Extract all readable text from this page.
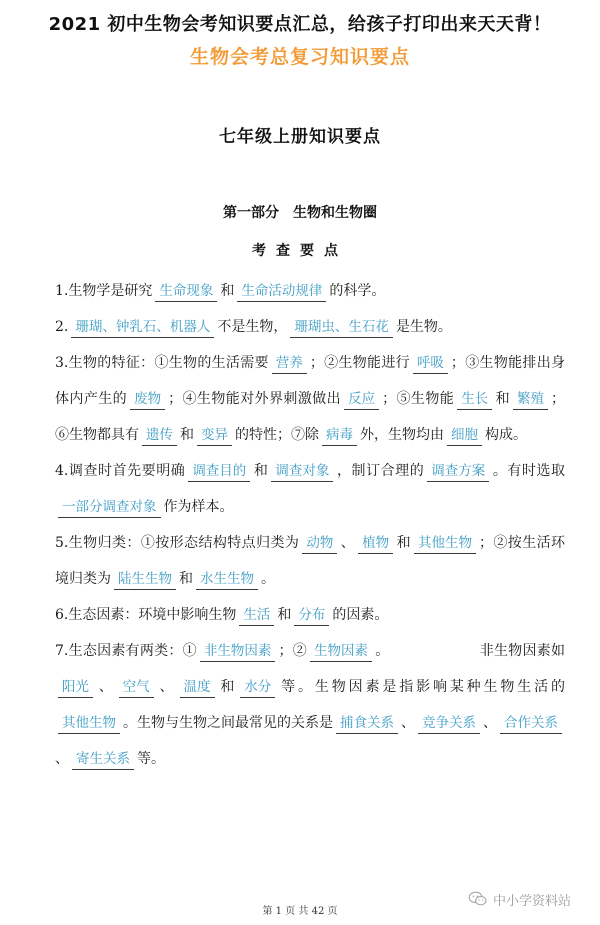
2021 初中生物会考知识要点汇总，给孩子打印出来天天背！
生物会考总复习知识要点
七年级上册知识要点
第一部分　生物和生物圈
考查要点

1.生物学是研究 生命现象 和 生命活动规律 的科学。

2. 珊瑚、钟乳石、机器人 不是生物， 珊瑚虫、生石花 是生物。

3.生物的特征：①生物的生活需要 营养 ；②生物能进行 呼吸 ；③生物能排出身体内产生的 废物 ；④生物能对外界刺激做出 反应 ；⑤生物能 生长 和 繁殖 ；⑥生物都具有 遗传 和 变异 的特性；⑦除 病毒 外，生物均由 细胞 构成。

4.调查时首先要明确 调查目的 和 调查对象 ，制订合理的 调查方案 。有时选取一部分调查对象 作为样本。

5.生物归类：①按形态结构特点归类为 动物 、 植物 和 其他生物 ；②按生活环境归类为 陆生生物 和 水生生物 。

6.生态因素：环境中影响生物 生活 和 分布 的因素。

7.生态因素有两类：① 非生物因素 ；② 生物因素 。	非生物因素如阳光 、 空气 、 温度 和 水分 等。生物因素是指影响某种生物生活的其他生物 。生物与生物之间最常见的关系是 捕食关系 、 竞争关系 、 合作关系、 寄生关系 等。

第 1 页 共 42 页
中小学资料站
